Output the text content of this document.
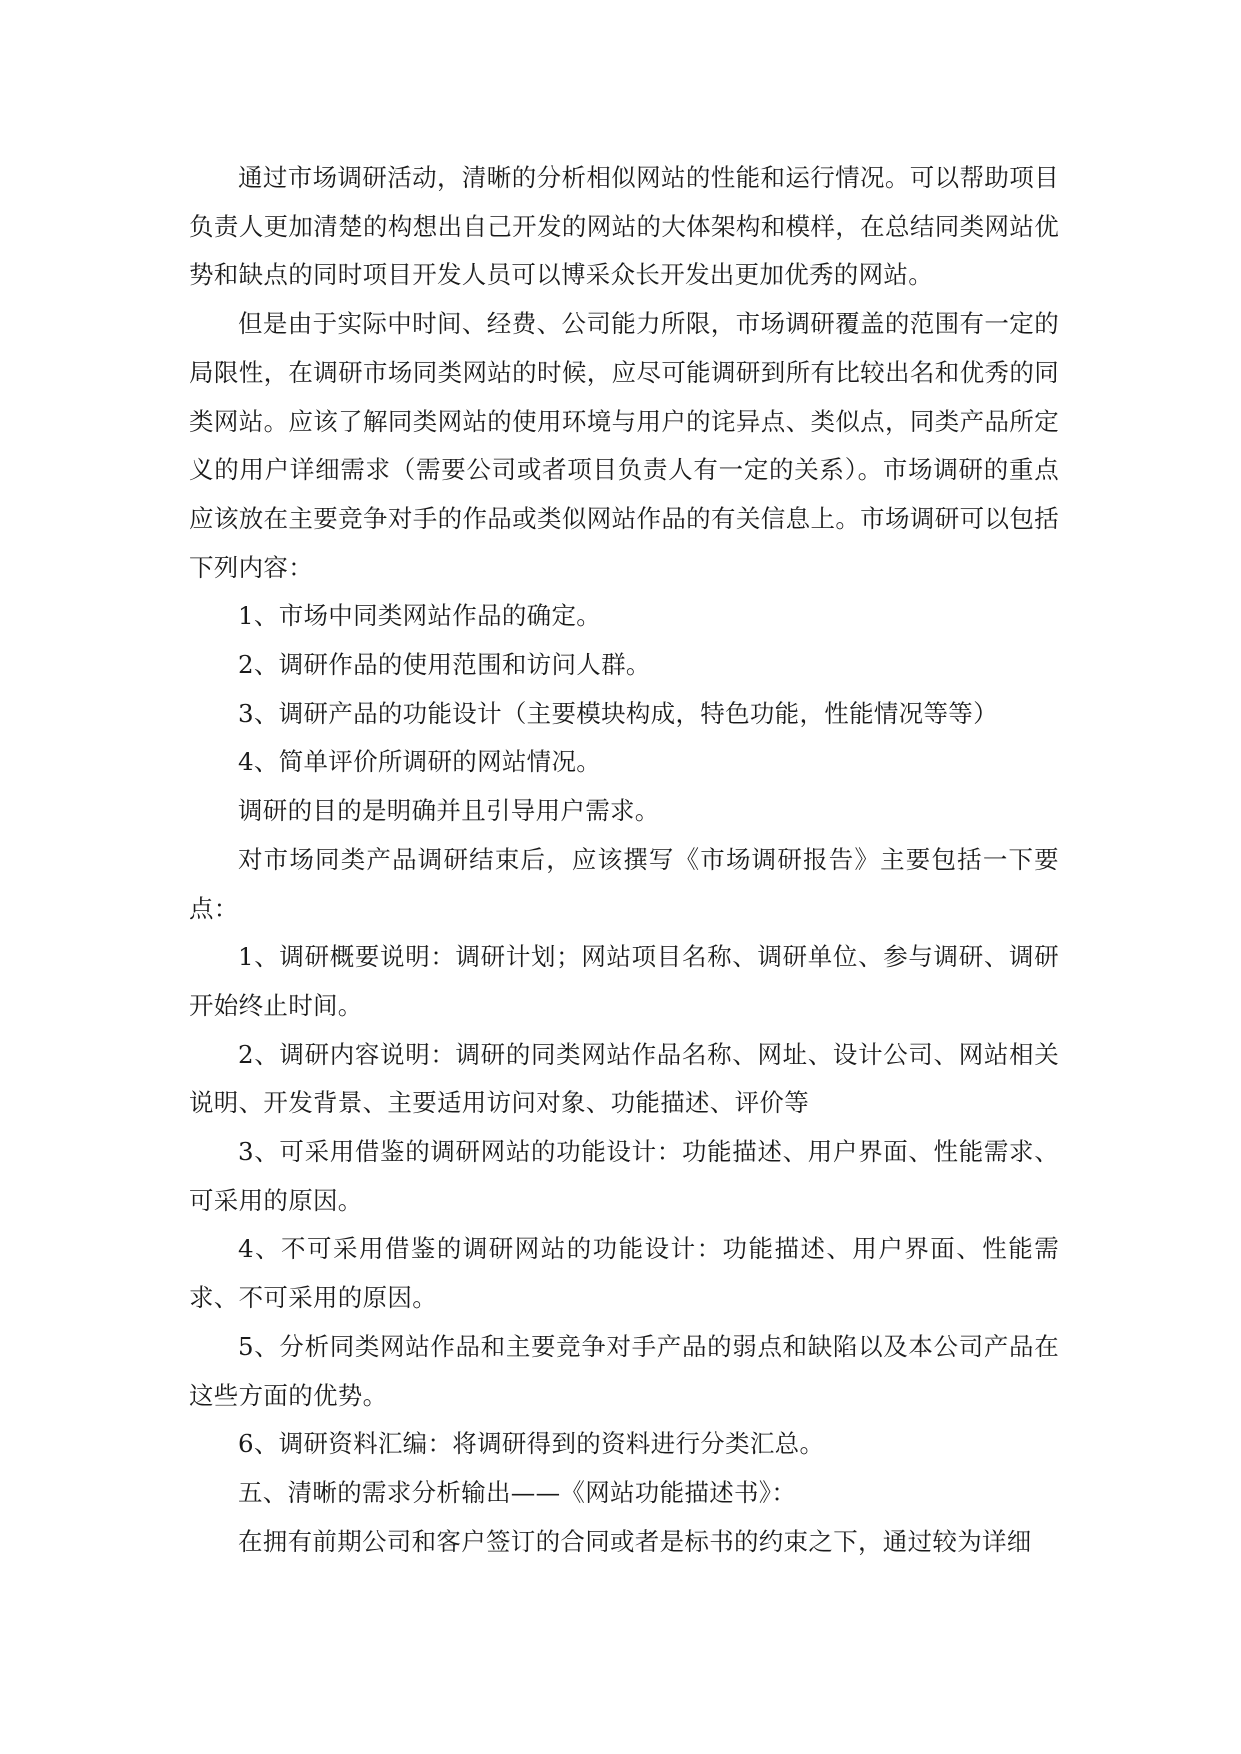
通过市场调研活动，清晰的分析相似网站的性能和运行情况。可以帮助项目负责人更加清楚的构想出自己开发的网站的大体架构和模样，在总结同类网站优势和缺点的同时项目开发人员可以博采众长开发出更加优秀的网站。

但是由于实际中时间、经费、公司能力所限，市场调研覆盖的范围有一定的局限性，在调研市场同类网站的时候，应尽可能调研到所有比较出名和优秀的同类网站。应该了解同类网站的使用环境与用户的诧异点、类似点，同类产品所定义的用户详细需求（需要公司或者项目负责人有一定的关系）。市场调研的重点应该放在主要竞争对手的作品或类似网站作品的有关信息上。市场调研可以包括下列内容：

1、市场中同类网站作品的确定。

2、调研作品的使用范围和访问人群。

3、调研产品的功能设计（主要模块构成，特色功能，性能情况等等）

4、简单评价所调研的网站情况。

调研的目的是明确并且引导用户需求。

对市场同类产品调研结束后，应该撰写《市场调研报告》主要包括一下要点：

1、调研概要说明：调研计划；网站项目名称、调研单位、参与调研、调研开始终止时间。

2、调研内容说明：调研的同类网站作品名称、网址、设计公司、网站相关说明、开发背景、主要适用访问对象、功能描述、评价等

3、可采用借鉴的调研网站的功能设计：功能描述、用户界面、性能需求、可采用的原因。

4、不可采用借鉴的调研网站的功能设计：功能描述、用户界面、性能需求、不可采用的原因。

5、分析同类网站作品和主要竞争对手产品的弱点和缺陷以及本公司产品在这些方面的优势。

6、调研资料汇编：将调研得到的资料进行分类汇总。

五、清晰的需求分析输出——《网站功能描述书》：

在拥有前期公司和客户签订的合同或者是标书的约束之下，通过较为详细
